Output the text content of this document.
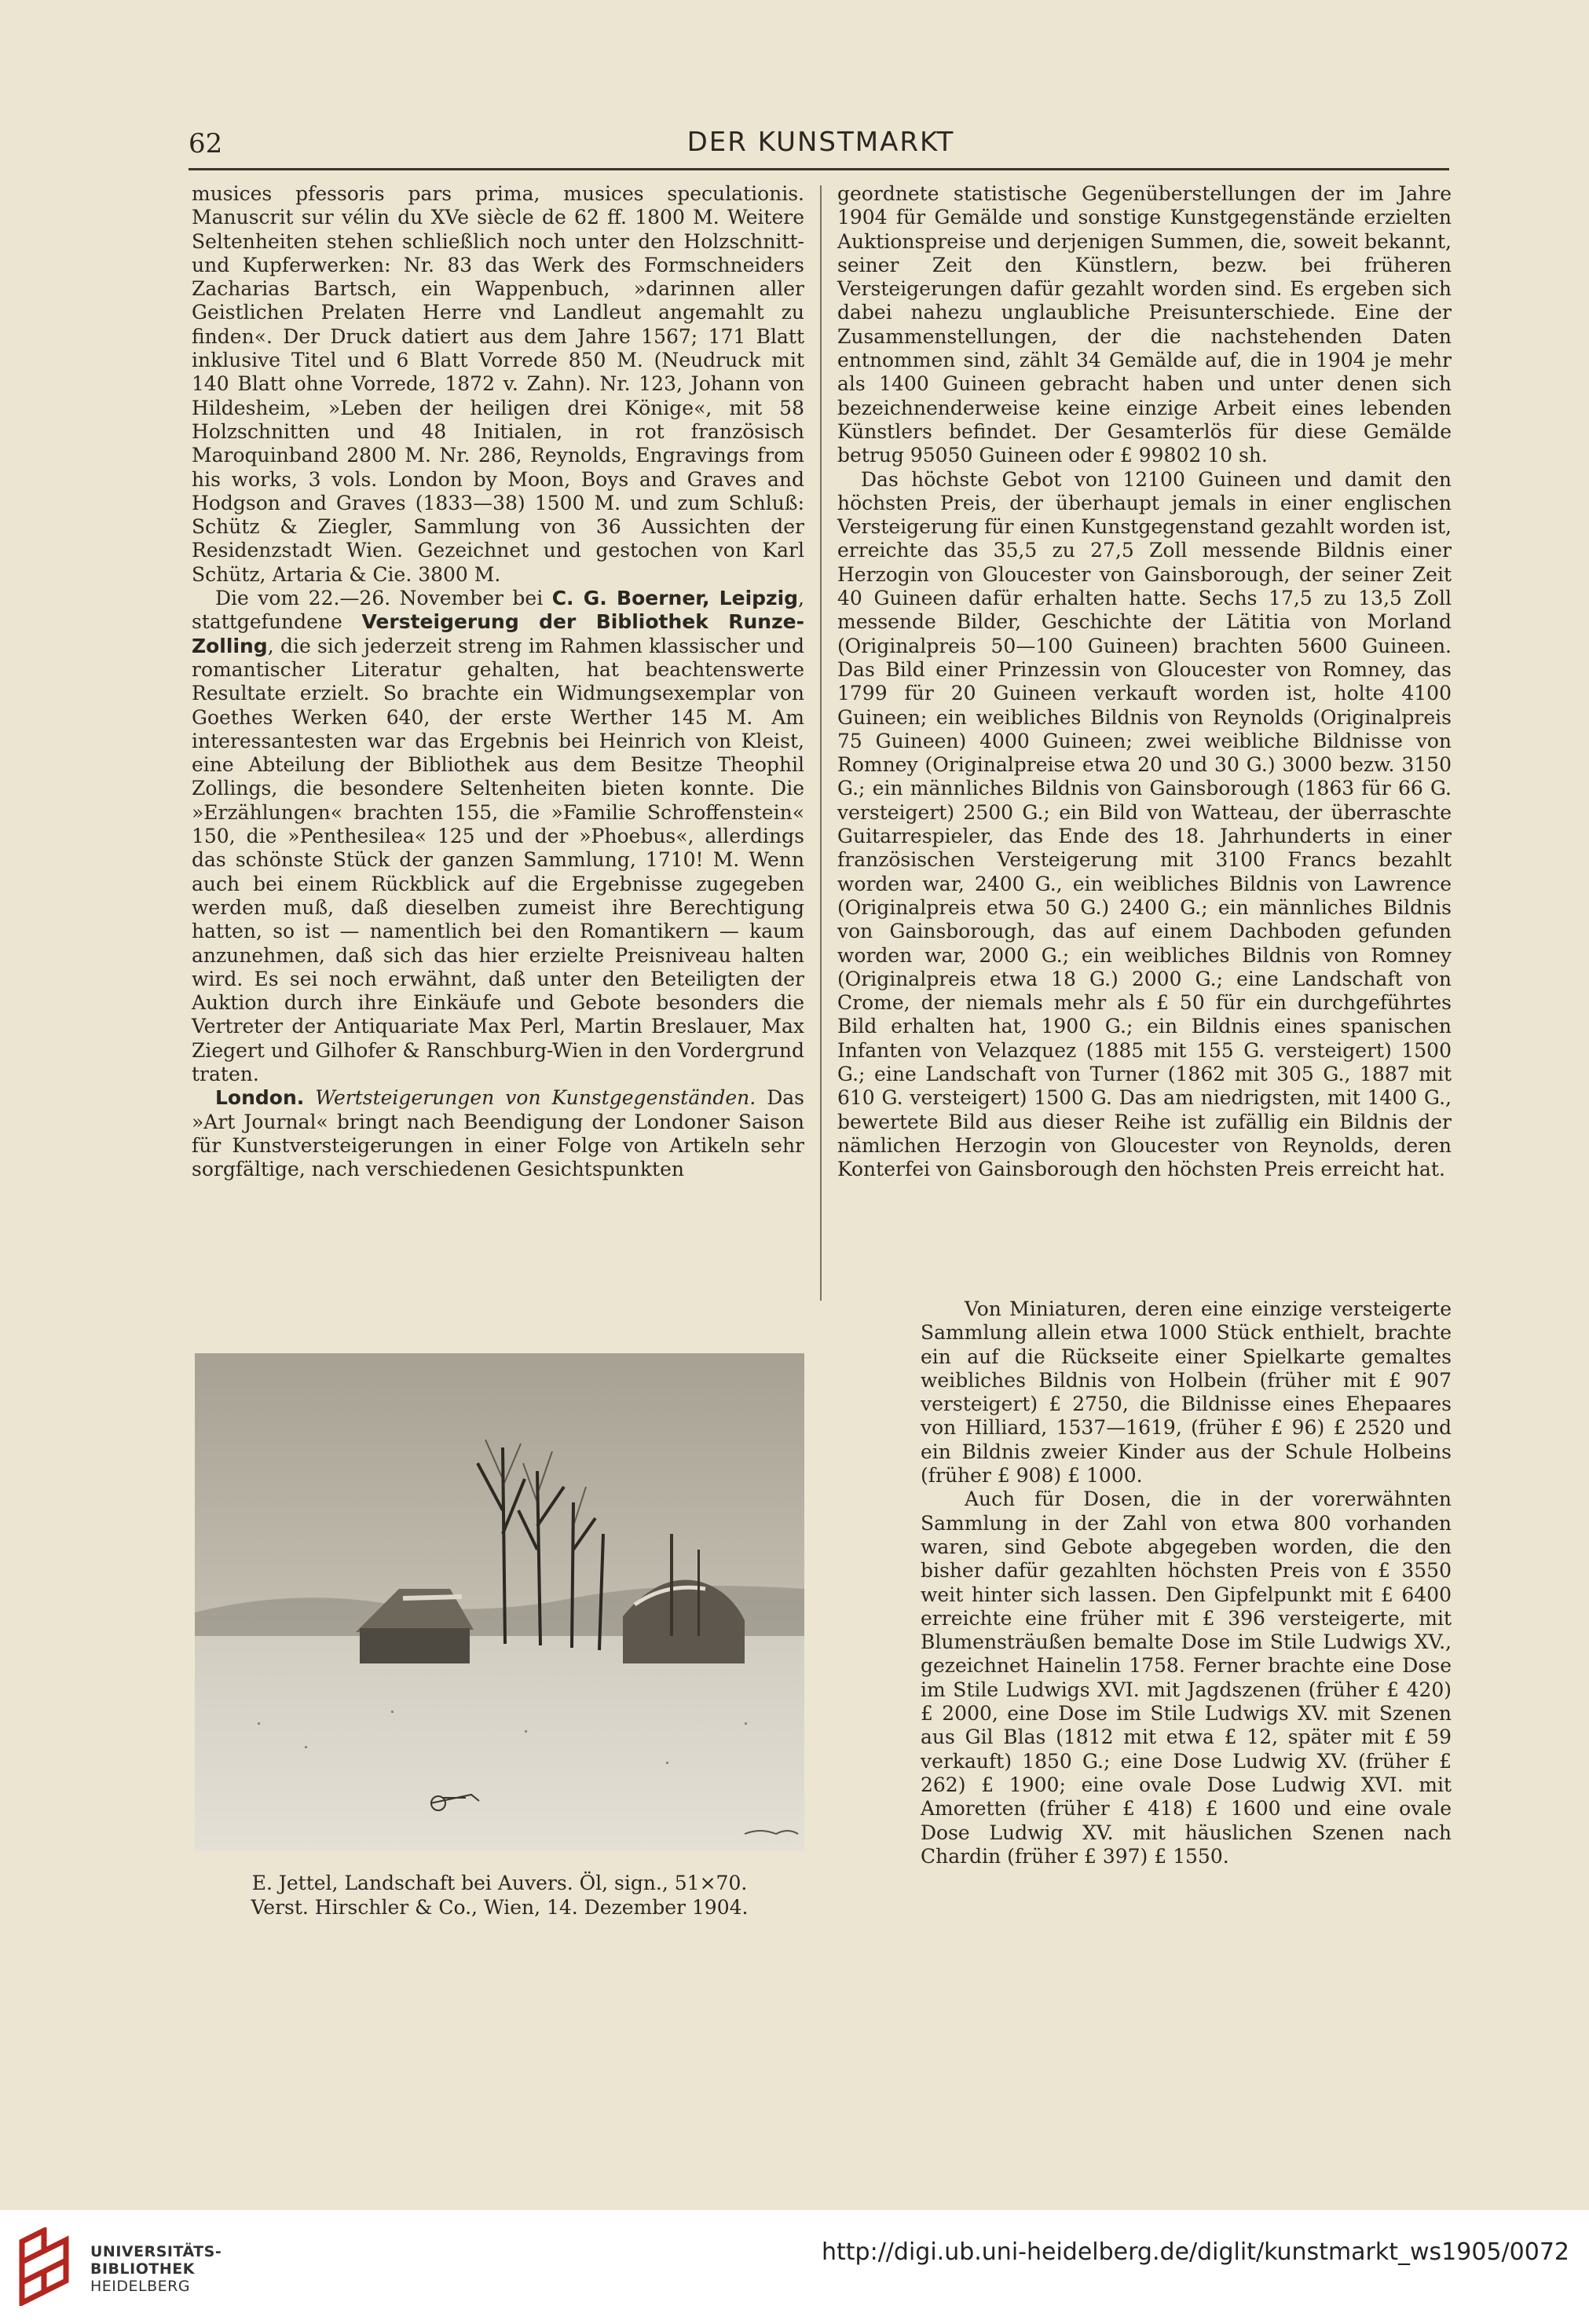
62	DER KUNSTMARKT

musices pfessoris pars prima, musices speculationis. Manuscrit sur vélin du XVe siècle de 62 ff. 1800 M. Weitere Seltenheiten stehen schließlich noch unter den Holzschnitt- und Kupferwerken: Nr. 83 das Werk des Formschneiders Zacharias Bartsch, ein Wappenbuch, »darinnen aller Geistlichen Prelaten Herre vnd Landleut angemahlt zu finden«. Der Druck datiert aus dem Jahre 1567; 171 Blatt inklusive Titel und 6 Blatt Vorrede 850 M. (Neudruck mit 140 Blatt ohne Vorrede, 1872 v. Zahn). Nr. 123, Johann von Hildesheim, »Leben der heiligen drei Könige«, mit 58 Holzschnitten und 48 Initialen, in rot französisch Maroquinband 2800 M. Nr. 286, Reynolds, Engravings from his works, 3 vols. London by Moon, Boys and Graves and Hodgson and Graves (1833—38) 1500 M. und zum Schluß: Schütz & Ziegler, Sammlung von 36 Aussichten der Residenzstadt Wien. Gezeichnet und gestochen von Karl Schütz, Artaria & Cie. 3800 M.

Die vom 22.—26. November bei C. G. Boerner, Leipzig, stattgefundene Versteigerung der Bibliothek Runze-Zolling, die sich jederzeit streng im Rahmen klassischer und romantischer Literatur gehalten, hat beachtenswerte Resultate erzielt. So brachte ein Widmungsexemplar von Goethes Werken 640, der erste Werther 145 M. Am interessantesten war das Ergebnis bei Heinrich von Kleist, eine Abteilung der Bibliothek aus dem Besitze Theophil Zollings, die besondere Seltenheiten bieten konnte. Die »Erzählungen« brachten 155, die »Familie Schroffenstein« 150, die »Penthesilea« 125 und der »Phoebus«, allerdings das schönste Stück der ganzen Sammlung, 1710! M. Wenn auch bei einem Rückblick auf die Ergebnisse zugegeben werden muß, daß dieselben zumeist ihre Berechtigung hatten, so ist — namentlich bei den Romantikern — kaum anzunehmen, daß sich das hier erzielte Preisniveau halten wird. Es sei noch erwähnt, daß unter den Beteiligten der Auktion durch ihre Einkäufe und Gebote besonders die Vertreter der Antiquariate Max Perl, Martin Breslauer, Max Ziegert und Gilhofer & Ranschburg-Wien in den Vordergrund traten.

London. Wertsteigerungen von Kunstgegenständen. Das »Art Journal« bringt nach Beendigung der Londoner Saison für Kunstversteigerungen in einer Folge von Artikeln sehr sorgfältige, nach verschiedenen Gesichtspunkten

geordnete statistische Gegenüberstellungen der im Jahre 1904 für Gemälde und sonstige Kunstgegenstände erzielten Auktionspreise und derjenigen Summen, die, soweit bekannt, seiner Zeit den Künstlern, bezw. bei früheren Versteigerungen dafür gezahlt worden sind. Es ergeben sich dabei nahezu unglaubliche Preisunterschiede. Eine der Zusammenstellungen, der die nachstehenden Daten entnommen sind, zählt 34 Gemälde auf, die in 1904 je mehr als 1400 Guineen gebracht haben und unter denen sich bezeichnenderweise keine einzige Arbeit eines lebenden Künstlers befindet. Der Gesamterlös für diese Gemälde betrug 95050 Guineen oder £ 99802 10 sh.

Das höchste Gebot von 12100 Guineen und damit den höchsten Preis, der überhaupt jemals in einer englischen Versteigerung für einen Kunstgegenstand gezahlt worden ist, erreichte das 35,5 zu 27,5 Zoll messende Bildnis einer Herzogin von Gloucester von Gainsborough, der seiner Zeit 40 Guineen dafür erhalten hatte. Sechs 17,5 zu 13,5 Zoll messende Bilder, Geschichte der Lätitia von Morland (Originalpreis 50—100 Guineen) brachten 5600 Guineen. Das Bild einer Prinzessin von Gloucester von Romney, das 1799 für 20 Guineen verkauft worden ist, holte 4100 Guineen; ein weibliches Bildnis von Reynolds (Originalpreis 75 Guineen) 4000 Guineen; zwei weibliche Bildnisse von Romney (Originalpreise etwa 20 und 30 G.) 3000 bezw. 3150 G.; ein männliches Bildnis von Gainsborough (1863 für 66 G. versteigert) 2500 G.; ein Bild von Watteau, der überraschte Guitarrespieler, das Ende des 18. Jahrhunderts in einer französischen Versteigerung mit 3100 Francs bezahlt worden war, 2400 G., ein weibliches Bildnis von Lawrence (Originalpreis etwa 50 G.) 2400 G.; ein männliches Bildnis von Gainsborough, das auf einem Dachboden gefunden worden war, 2000 G.; ein weibliches Bildnis von Romney (Originalpreis etwa 18 G.) 2000 G.; eine Landschaft von Crome, der niemals mehr als £ 50 für ein durchgeführtes Bild erhalten hat, 1900 G.; ein Bildnis eines spanischen Infanten von Velazquez (1885 mit 155 G. versteigert) 1500 G.; eine Landschaft von Turner (1862 mit 305 G., 1887 mit 610 G. versteigert) 1500 G. Das am niedrigsten, mit 1400 G., bewertete Bild aus dieser Reihe ist zufällig ein Bildnis der nämlichen Herzogin von Gloucester von Reynolds, deren Konterfei von Gainsborough den höchsten Preis erreicht hat.

Von Miniaturen, deren eine einzige versteigerte Sammlung allein etwa 1000 Stück enthielt, brachte ein auf die Rückseite einer Spielkarte gemaltes weibliches Bildnis von Holbein (früher mit £ 907 versteigert) £ 2750, die Bildnisse eines Ehepaares von Hilliard, 1537—1619, (früher £ 96) £ 2520 und ein Bildnis zweier Kinder aus der Schule Holbeins (früher £ 908) £ 1000.

Auch für Dosen, die in der vorerwähnten Sammlung in der Zahl von etwa 800 vorhanden waren, sind Gebote abgegeben worden, die den bisher dafür gezahlten höchsten Preis von £ 3550 weit hinter sich lassen. Den Gipfelpunkt mit £ 6400 erreichte eine früher mit £ 396 versteigerte, mit Blumensträußen bemalte Dose im Stile Ludwigs XV., gezeichnet Hainelin 1758. Ferner brachte eine Dose im Stile Ludwigs XVI. mit Jagdszenen (früher £ 420) £ 2000, eine Dose im Stile Ludwigs XV. mit Szenen aus Gil Blas (1812 mit etwa £ 12, später mit £ 59 verkauft) 1850 G.; eine Dose Ludwig XV. (früher £ 262) £ 1900; eine ovale Dose Ludwig XVI. mit Amoretten (früher £ 418) £ 1600 und eine ovale Dose Ludwig XV. mit häuslichen Szenen nach Chardin (früher £ 397) £ 1550.

E. Jettel, Landschaft bei Auvers. Öl, sign., 51×70.
Verst. Hirschler & Co., Wien, 14. Dezember 1904.
UNIVERSITÄTS-
BIBLIOTHEK
HEIDELBERG
http://digi.ub.uni-heidelberg.de/diglit/kunstmarkt_ws1905/0072
